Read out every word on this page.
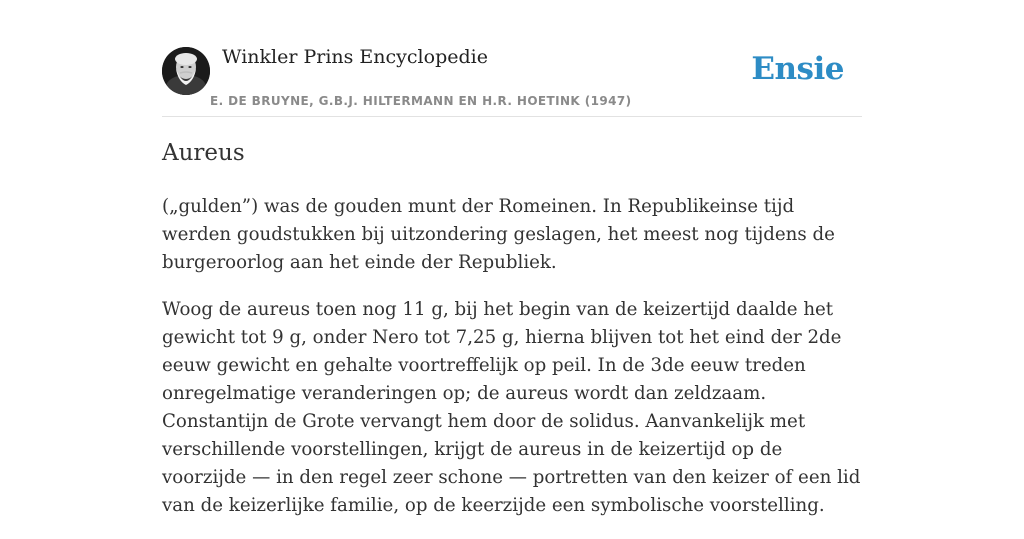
Winkler Prins Encyclopedie
E. DE BRUYNE, G.B.J. HILTERMANN EN H.R. HOETINK (1947)
Ensie
Aureus

(„gulden”) was de gouden munt der Romeinen. In Republikeinse tijd werden goudstukken bij uitzondering geslagen, het meest nog tijdens de burgeroorlog aan het einde der Republiek.

Woog de aureus toen nog 11 g, bij het begin van de keizertijd daalde het gewicht tot 9 g, onder Nero tot 7,25 g, hierna blijven tot het eind der 2de eeuw gewicht en gehalte voortreffelijk op peil. In de 3de eeuw treden onregelmatige veranderingen op; de aureus wordt dan zeldzaam. Constantijn de Grote vervangt hem door de solidus. Aanvankelijk met verschillende voorstellingen, krijgt de aureus in de keizertijd op de voorzijde — in den regel zeer schone — portretten van den keizer of een lid van de keizerlijke familie, op de keerzijde een symbolische voorstelling.
